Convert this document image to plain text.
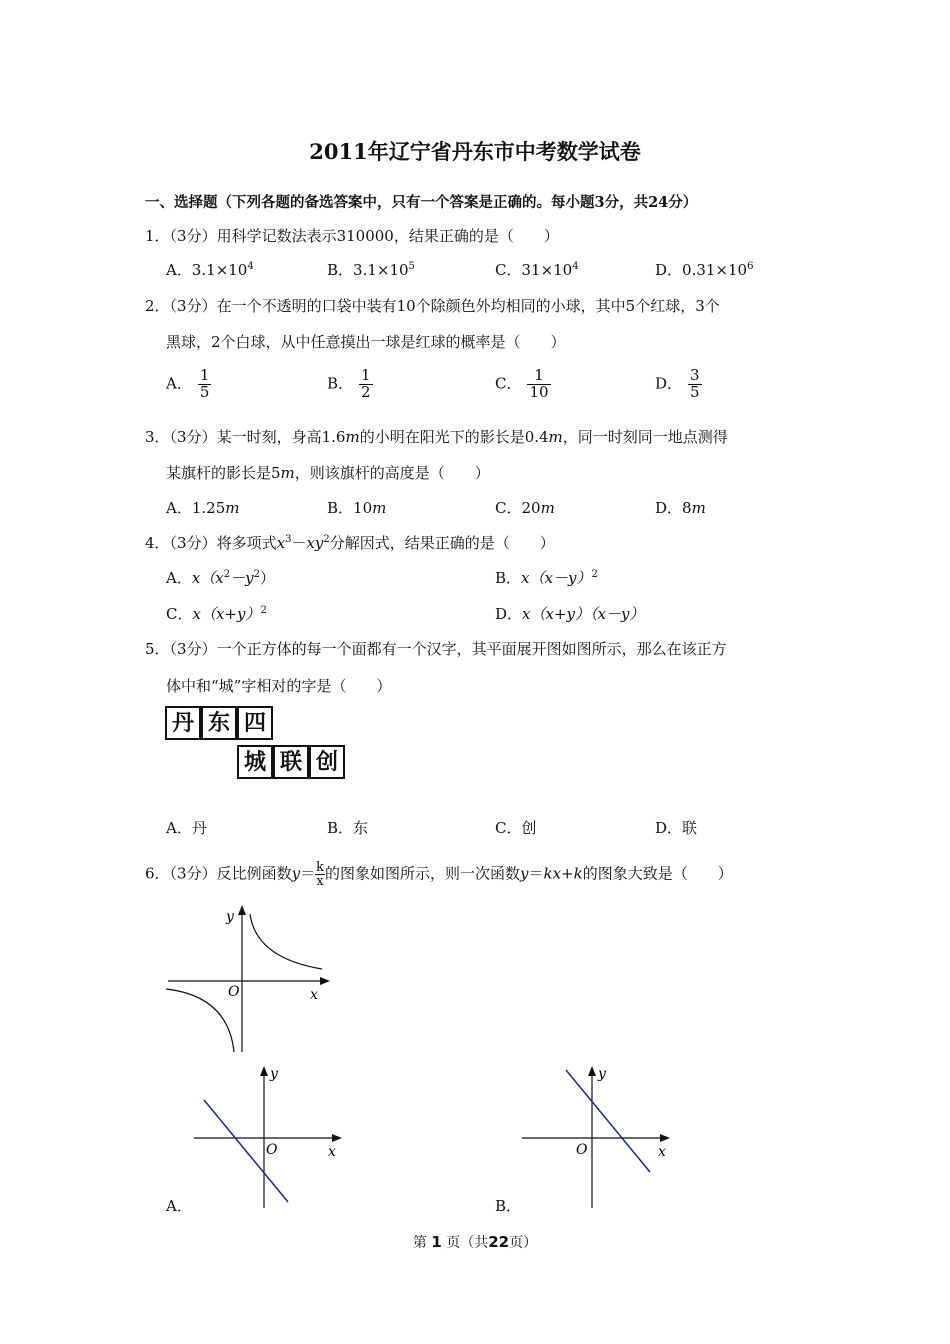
2011年辽宁省丹东市中考数学试卷
一、选择题（下列各题的备选答案中，只有一个答案是正确的。每小题3分，共24分）
1．（3分）用科学记数法表示310000，结果正确的是（　　）
A．$3.1\times 10^4$	B．$3.1\times 10^5$	C．$31\times 10^4$	D．$0.31\times 10^6$
2．（3分）在一个不透明的口袋中装有10个除颜色外均相同的小球，其中5个红球，3个
黑球，2个白球，从中任意摸出一球是红球的概率是（　　）
A． $\frac{1}{5}$	B． $\frac{1}{2}$	C． $\frac{1}{10}$	D． $\frac{3}{5}$
3．（3分）某一时刻，身高1.6m的小明在阳光下的影长是0.4m，同一时刻同一地点测得
某旗杆的影长是5m，则该旗杆的高度是（　　）
A．1.25m	B．10m	C．20m	D．8m
4．（3分）将多项式$x^3-xy^2$分解因式，结果正确的是（　　）
A．$x(x^2-y^2)$	B．$x(x-y)^2$
C．$x(x+y)^2$	D．x（x+y）（x－y）
5．（3分）一个正方体的每一个面都有一个汉字，其平面展开图如图所示，那么在该正方
体中和“城”字相对的字是（　　）
丹 东 四
城 联 创
A．丹	B．东	C．创	D．联
6．（3分）反比例函数$y= \frac{k}{x}$ 的图象如图所示，则一次函数y＝kx+k的图象大致是（　　）
y
x
O
y
x
O
A．
y
x
O
B．
第 1 页（共22页）
